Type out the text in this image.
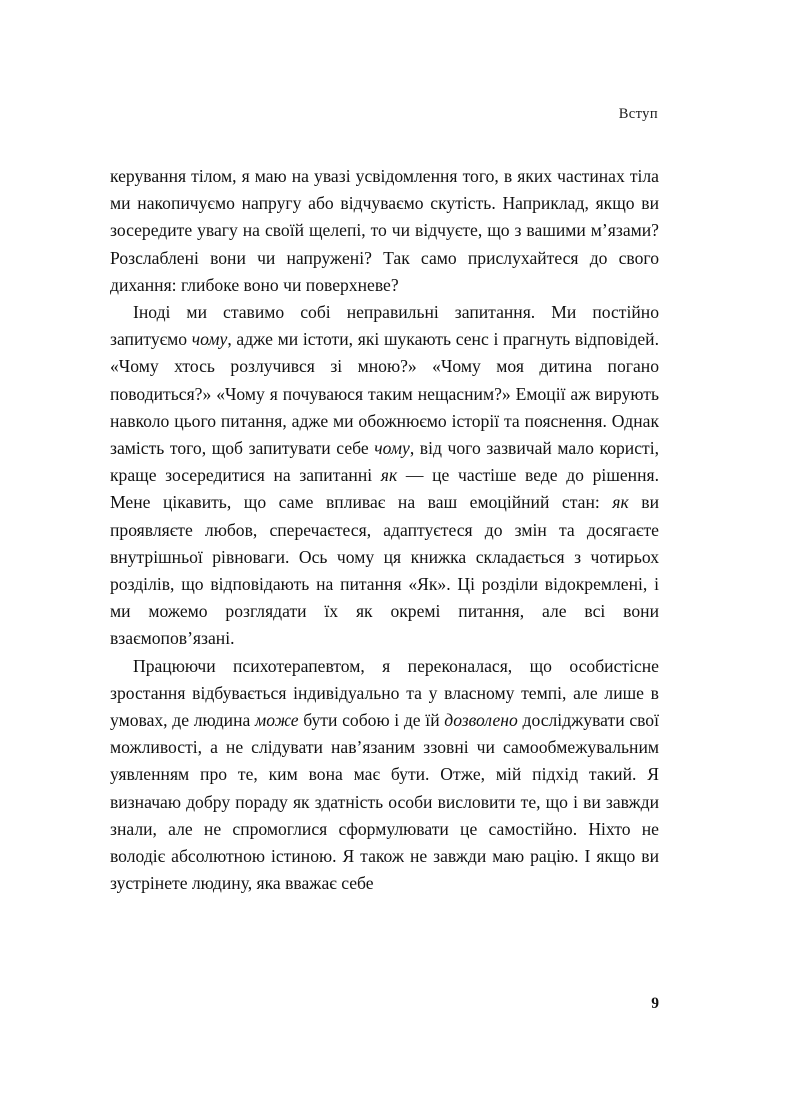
Вступ

керування тілом, я маю на увазі усвідомлення того, в яких частинах тіла ми накопичуємо напругу або відчуваємо скутість. Наприклад, якщо ви зосередите увагу на своїй щелепі, то чи відчуєте, що з вашими м’язами? Розслаблені вони чи напружені? Так само прислухайтеся до свого дихання: глибоке воно чи поверхневе?

Іноді ми ставимо собі неправильні запитання. Ми постійно запитуємо чому, адже ми істоти, які шукають сенс і прагнуть відповідей. «Чому хтось розлучився зі мною?» «Чому моя дитина погано поводиться?» «Чому я почуваюся таким нещасним?» Емоції аж вирують навколо цього питання, адже ми обожнюємо історії та пояснення. Однак замість того, щоб запитувати себе чому, від чого зазвичай мало користі, краще зосередитися на запитанні як — це частіше веде до рішення. Мене цікавить, що саме впливає на ваш емоційний стан: як ви проявляєте любов, сперечаєтеся, адаптуєтеся до змін та досягаєте внутрішньої рівноваги. Ось чому ця книжка складається з чотирьох розділів, що відповідають на питання «Як». Ці розділи відокремлені, і ми можемо розглядати їх як окремі питання, але всі вони взаємопов’язані.

Працюючи психотерапевтом, я переконалася, що особистісне зростання відбувається індивідуально та у власному темпі, але лише в умовах, де людина може бути собою і де їй дозволено досліджувати свої можливості, а не слідувати нав’язаним ззовні чи самообмежувальним уявленням про те, ким вона має бути. Отже, мій підхід такий. Я визначаю добру пораду як здатність особи висловити те, що і ви завжди знали, але не спромоглися сформулювати це самостійно. Ніхто не володіє абсолютною істиною. Я також не завжди маю рацію. І якщо ви зустрінете людину, яка вважає себе

9
